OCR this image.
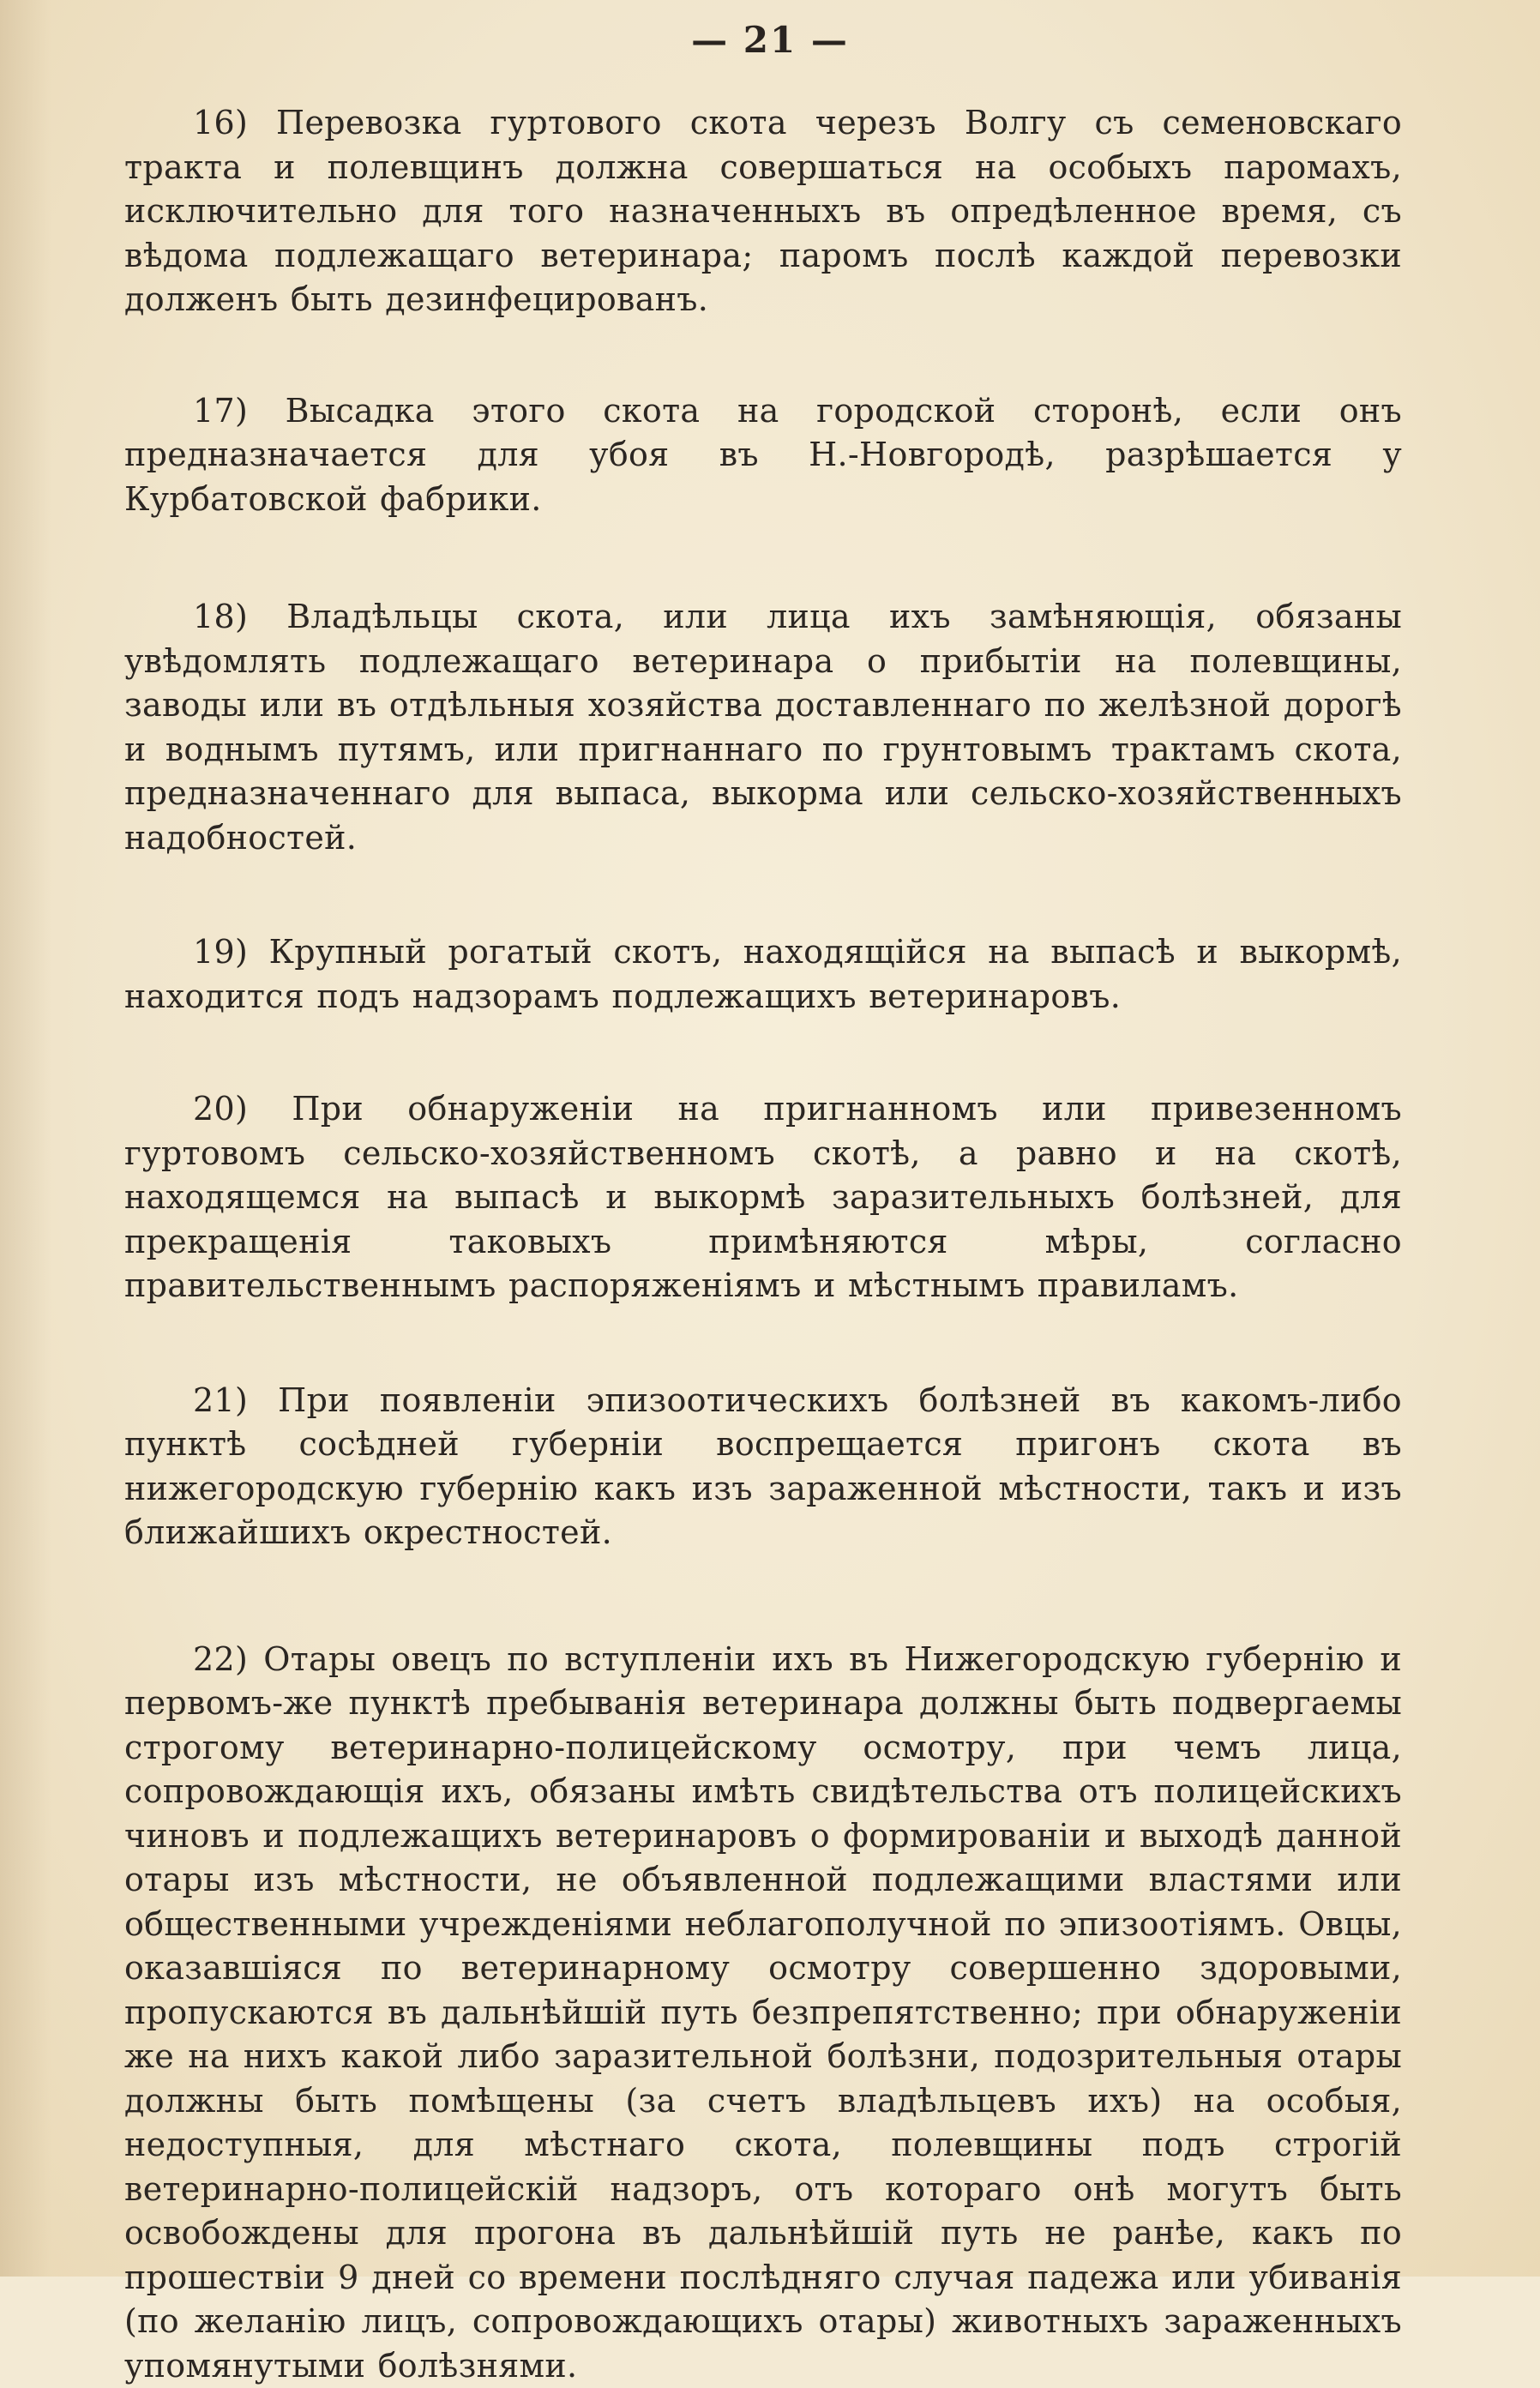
— 21 —

16) Перевозка гуртового скота черезъ Волгу съ семеновскаго тракта и полевщинъ должна совершаться на особыхъ паромахъ, исключительно для того назначенныхъ въ опредѣленное время, съ вѣдома подлежащаго ветеринара; паромъ послѣ каждой перевозки долженъ быть дезинфецированъ.

17) Высадка этого скота на городской сторонѣ, если онъ предназначается для убоя въ Н.-Новгородѣ, разрѣшается у Курбатовской фабрики.

18) Владѣльцы скота, или лица ихъ замѣняющія, обязаны увѣдомлять подлежащаго ветеринара о прибытіи на полевщины, заводы или въ отдѣльныя хозяйства доставленнаго по желѣзной дорогѣ и воднымъ путямъ, или пригнаннаго по грунтовымъ трактамъ скота, предназначеннаго для выпаса, выкорма или сельско-хозяйственныхъ надобностей.

19) Крупный рогатый скотъ, находящійся на выпасѣ и выкормѣ, находится подъ надзорамъ подлежащихъ ветеринаровъ.

20) При обнаруженіи на пригнанномъ или привезенномъ гуртовомъ сельско-хозяйственномъ скотѣ, а равно и на скотѣ, находящемся на выпасѣ и выкормѣ заразительныхъ болѣзней, для прекращенія таковыхъ примѣняются мѣры, согласно правительственнымъ распоряженіямъ и мѣстнымъ правиламъ.

21) При появленіи эпизоотическихъ болѣзней въ какомъ-либо пунктѣ сосѣдней губерніи воспрещается пригонъ скота въ нижегородскую губернію какъ изъ зараженной мѣстности, такъ и изъ ближайшихъ окрестностей.

22) Отары овецъ по вступленіи ихъ въ Нижегородскую губернію и первомъ-же пунктѣ пребыванія ветеринара должны быть подвергаемы строгому ветеринарно-полицейскому осмотру, при чемъ лица, сопровождающія ихъ, обязаны имѣть свидѣтельства отъ полицейскихъ чиновъ и подлежащихъ ветеринаровъ о формированіи и выходѣ данной отары изъ мѣстности, не объявленной подлежащими властями или общественными учрежденіями неблагополучной по эпизоотіямъ. Овцы, оказавшіяся по ветеринарному осмотру совершенно здоровыми, пропускаются въ дальнѣйшій путь безпрепятственно; при обнаруженіи же на нихъ какой либо заразительной болѣзни, подозрительныя отары должны быть помѣщены (за счетъ владѣльцевъ ихъ) на особыя, недоступныя, для мѣстнаго скота, полевщины подъ строгій ветеринарно-полицейскій надзоръ, отъ котораго онѣ могутъ быть освобождены для прогона въ дальнѣйшій путь не ранѣе, какъ по прошествіи 9 дней со времени послѣдняго случая падежа или убиванія (по желанію лицъ, сопровождающихъ отары) животныхъ зараженныхъ упомянутыми болѣзнями.
